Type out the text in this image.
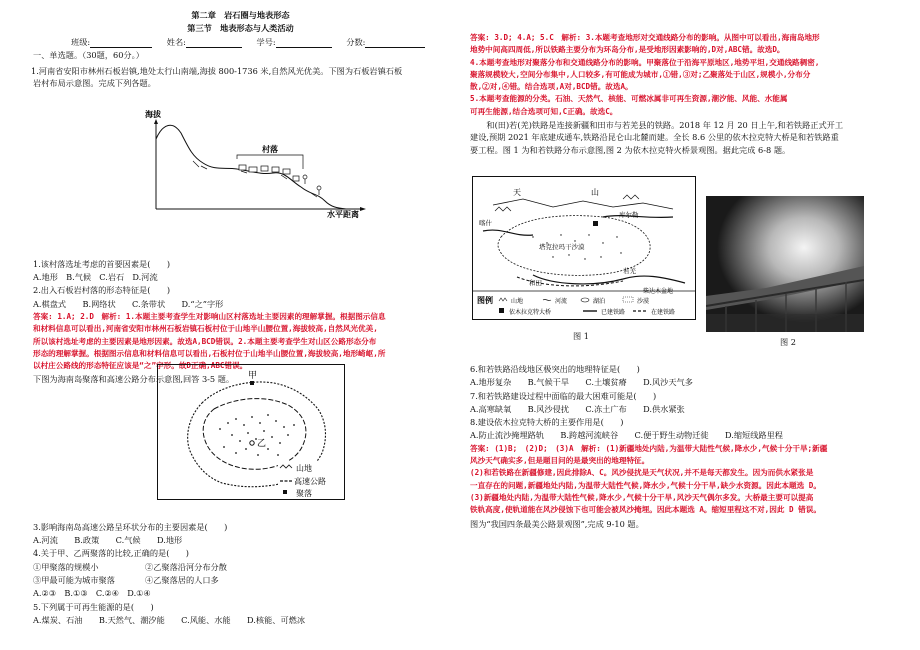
第二章　岩石圈与地表形态
第三节　地表形态与人类活动
班级:	姓名:	学号:	分数:
一、单选题。（30题，60分。）
1.河南省安阳市林州石板岩镇,地处太行山南端,海拔 800-1736 米,自然风光优美。下图为石板岩镇石板
岩村布局示意图。完成下列各题。
海拔
村落
水平距离
1.该村落选址考虑的首要因素是(　　)
A.地形　B.气候　C.岩石　D.河流
2.出入石板岩村落的形态特征是(　　)
A.棋盘式　　B.网络状　　C.条带状　　D.“之”字形
答案: 1.A; 2.D　解析: 1.本题主要考查学生对影响山区村落选址主要因素的理解掌握。根据图示信息
和材料信息可以看出,河南省安阳市林州石板岩镇石板村位于山地半山腰位置,海拔较高,自然风光优美,
所以该村选址考虑的主要因素是地形因素。故选A,BCD错误。2.本题主要考查学生对山区公路形态分布
形态的理解掌握。根据图示信息和材料信息可以看出,石板村位于山地半山腰位置,海拔较高,地形崎岖,所
以村庄公路线的形态特征应该是“之”字形。故D正确,ABC错误。
下图为海南岛聚落和高速公路分布示意图,回答 3-5 题。	甲
乙
山地
高速公路
聚落
3.影响海南岛高速公路呈环状分布的主要因素是(　　)
A.河流　　B.政策　　C.气候　　D.地形
4.关于甲、乙两聚落的比较,正确的是(　　)
①甲聚落的规模小	②乙聚落沿河分布分散
③甲最可能为城市聚落	④乙聚落居的人口多
A.②③　B.①③　C.②④　D.①④
5.下列属于可再生能源的是(　　)
A.煤炭、石油　　B.天然气、潮汐能　　C.风能、水能　　D.核能、可燃冰
答案: 3.D; 4.A; 5.C　解析: 3.本题考查地形对交通线路分布的影响。从图中可以看出,海南岛地形
地势中间高四周低,所以铁路主要分布为环岛分布,是受地形因素影响的,D对,ABC错。故选D。
4.本题考查地形对聚落分布和交通线路分布的影响。甲聚落位于沿海平原地区,地势平坦,交通线路稠密,
聚落规模较大,空间分布集中,人口较多,有可能成为城市,①错,③对;乙聚落处于山区,规模小,分布分
散,②对,④错。结合选项,A对,BCD错。故选A。
5.本题考查能源的分类。石油、天然气、核能、可燃冰属非可再生资源,潮汐能、风能、水能属
可再生能源,结合选项可知,C正确。故选C。
　　和(田)若(羌)铁路是连接新疆和田市与若羌县的铁路。2018 年 12 月 20 日上午,和若铁路正式开工
建设,预期 2021 年底建成通车,铁路沿昆仑山北麓而建。全长 8.6 公里的依木拉克特大桥是和若铁路重
要工程。图 1 为和若铁路分布示意图,图 2 为依木拉克特火桥景观图。据此完成 6-8 题。
天	山
喀什
和田
若羌
塔克拉玛干沙漠
柴达木盆地
库尔勒
图例	山地	河流	湖泊	沙漠
依木拉克特大桥	已建铁路	在建铁路
图 1
图 2
6.和若铁路沿线地区极突出的地理特征是(　　)
A.地形复杂　　B.气候干旱　　C.土壤贫瘠　　D.风沙天气多
7.和若铁路建设过程中面临的最大困难可能是(　　)
A.高寒缺氧　　B.风沙侵扰　　C.冻土广布　　D.供水紧张
8.建设依木拉克特大桥的主要作用是(　　)
A.防止流沙掩埋路轨　　B.跨越河流峡谷　　C.便于野生动物迁徙　　D.缩短线路里程
答案: (1)B;　(2)D;　(3)A　解析: (1)新疆地处内陆,为温带大陆性气候,降水少,气候十分干旱;新疆
风沙天气确实多,但是题目问的是最突出的地理特征。
(2)和若铁路在新疆修建,因此排除A、C。风沙侵扰是天气状况,并不是每天都发生。因为而供水紧张是
一直存在的问题,新疆地处内陆,为温带大陆性气候,降水少,气候十分干旱,缺少水资源。因此本题选 D。
(3)新疆地处内陆,为温带大陆性气候,降水少,气候十分干旱,风沙天气偶尔多发。大桥最主要可以提高
铁轨高度,使轨道能在风沙侵蚀下也可能会被风沙掩埋。因此本题选 A。缩短里程这不对,因此 D 错误。
图为“我国四条最美公路景观图”,完成 9-10 题。
